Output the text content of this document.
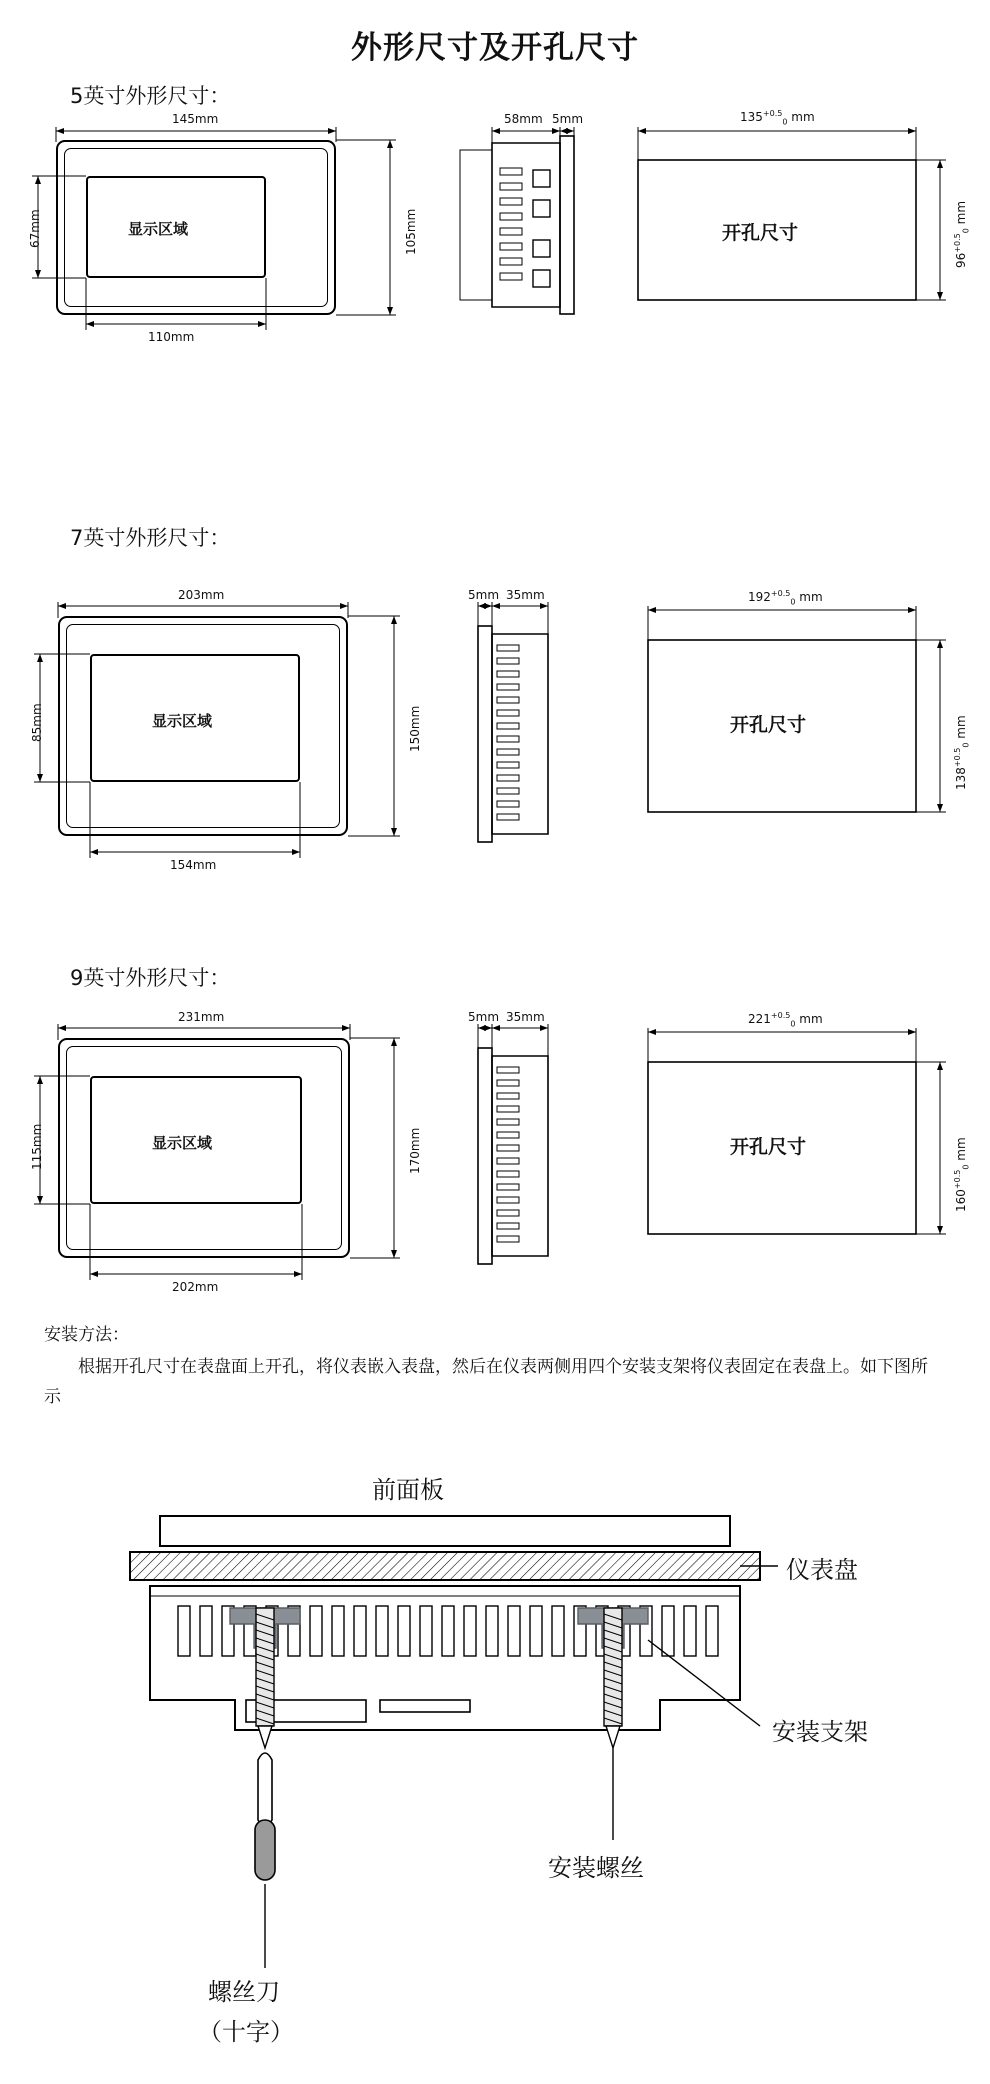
外形尺寸及开孔尺寸
5英寸外形尺寸：
显示区域
145mm
105mm
67mm
110mm
58mm 5mm	$135^{+0.5}_0$ mm
$96^{+0.5}_0$ mm
开孔尺寸
7英寸外形尺寸：
显示区域
203mm
150mm
85mm
154mm
5mm 35mm	$192^{+0.5}_0$ mm
$138^{+0.5}_0$ mm
开孔尺寸
9英寸外形尺寸：
显示区域
231mm
170mm
115mm
202mm
5mm 35mm	$221^{+0.5}_0$ mm
$160^{+0.5}_0$ mm
开孔尺寸
安装方法：
根据开孔尺寸在表盘面上开孔，将仪表嵌入表盘，然后在仪表两侧用四个安装支架将仪表固定在表盘上。如下图所示
前面板
仪表盘
安装支架
安装螺丝
螺丝刀
（十字）
